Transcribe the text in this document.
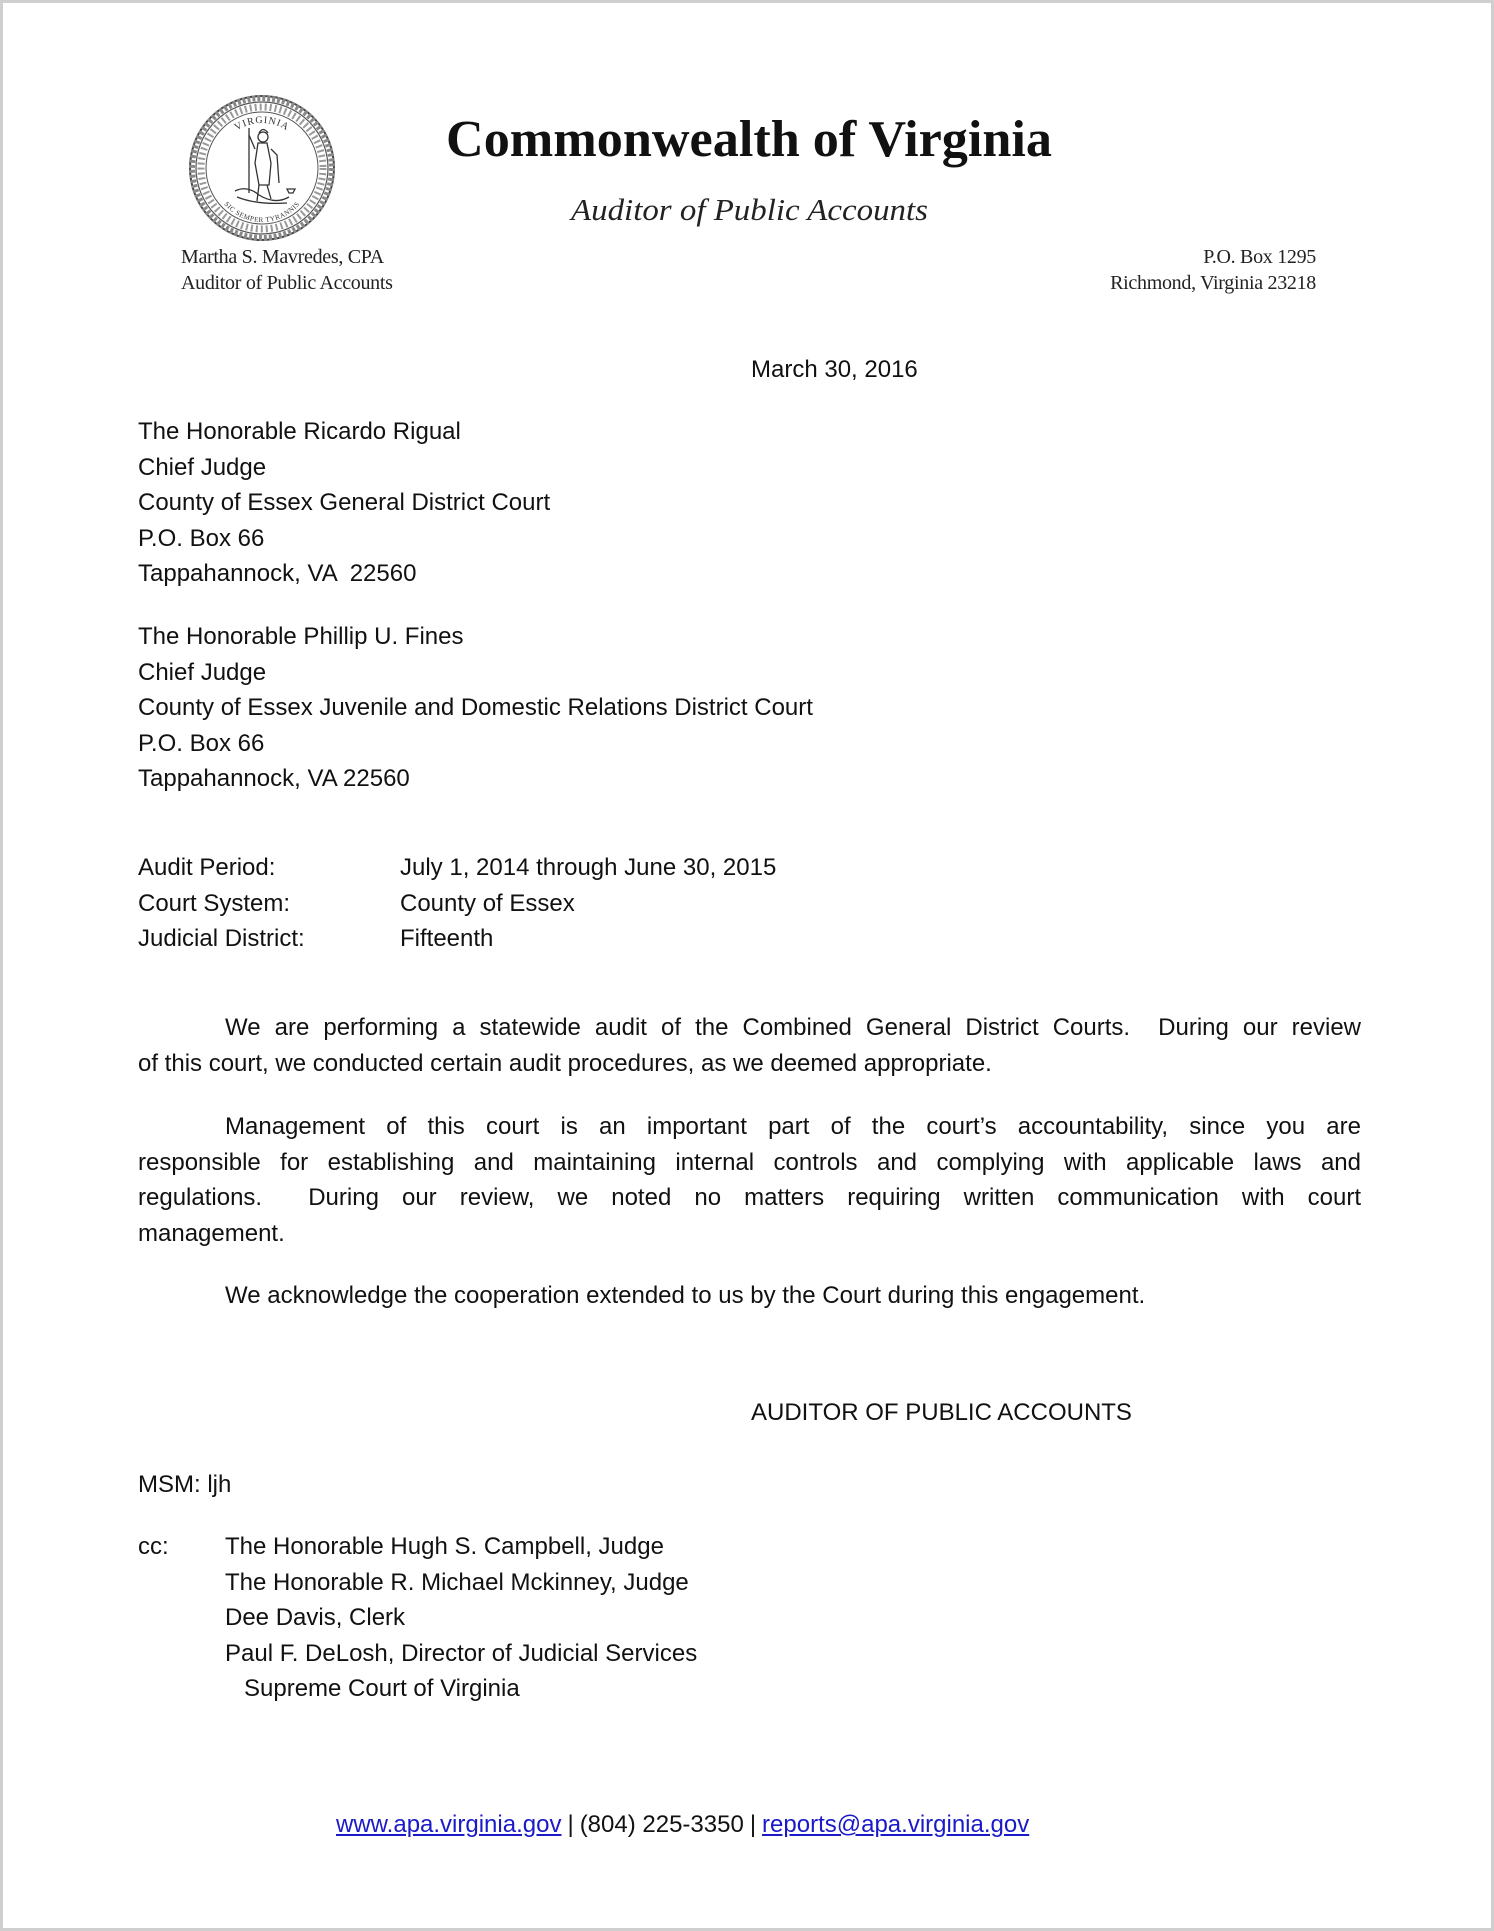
VIRGINIA
SIC SEMPER TYRANNIS
Commonwealth of Virginia
Auditor of Public Accounts
Martha S. Mavredes, CPA
Auditor of Public Accounts
P.O. Box 1295
Richmond, Virginia 23218
March 30, 2016
The Honorable Ricardo Rigual
Chief Judge
County of Essex General District Court
P.O. Box 66
Tappahannock, VA  22560
The Honorable Phillip U. Fines
Chief Judge
County of Essex Juvenile and Domestic Relations District Court
P.O. Box 66
Tappahannock, VA 22560
Audit Period:	July 1, 2014 through June 30, 2015
Court System:	County of Essex
Judicial District:	Fifteenth
We are performing a statewide audit of the Combined General District Courts.  During our review
of this court, we conducted certain audit procedures, as we deemed appropriate.
Management of this court is an important part of the court’s accountability, since you are
responsible for establishing and maintaining internal controls and complying with applicable laws and
regulations.  During our review, we noted no matters requiring written communication with court
management.
We acknowledge the cooperation extended to us by the Court during this engagement.
AUDITOR OF PUBLIC ACCOUNTS
MSM: ljh
cc:	The Honorable Hugh S. Campbell, Judge
The Honorable R. Michael Mckinney, Judge
Dee Davis, Clerk
Paul F. DeLosh, Director of Judicial Services
Supreme Court of Virginia
www.apa.virginia.gov | (804) 225-3350 | reports@apa.virginia.gov
